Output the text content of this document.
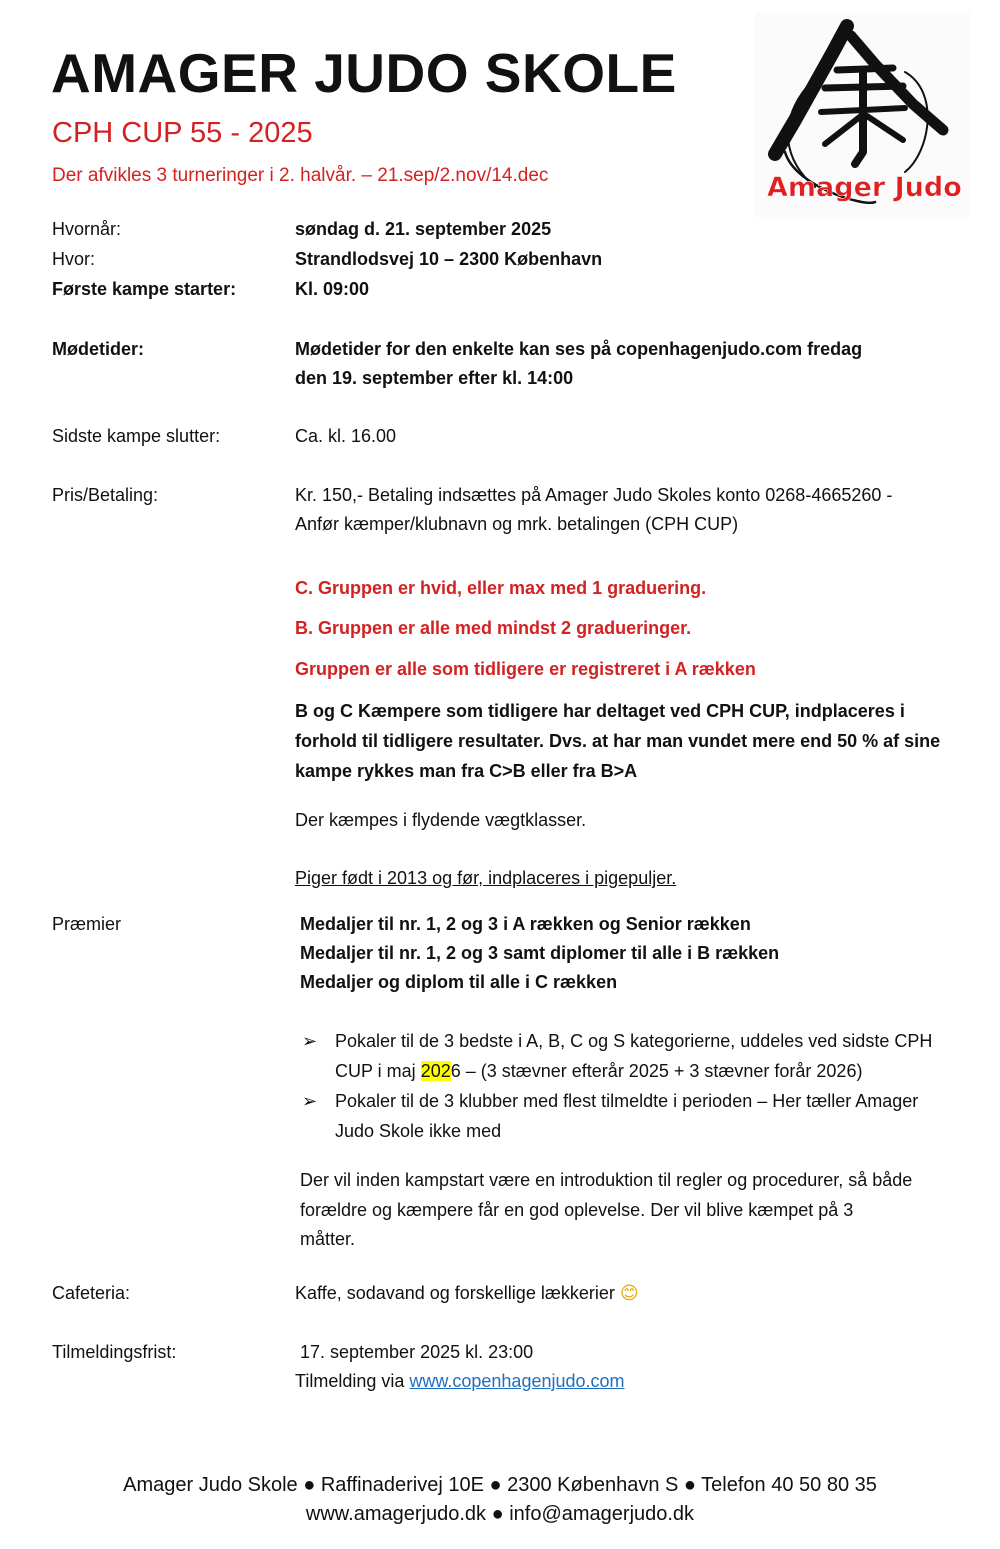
AMAGER JUDO SKOLE
CPH CUP 55 - 2025
Der afvikles 3 turneringer i 2. halvår. – 21.sep/2.nov/14.dec	Amager Judo
Hvornår:	søndag d. 21. september 2025
Hvor:	Strandlodsvej 10 – 2300 København
Første kampe starter:	Kl. 09:00
Mødetider:	Mødetider for den enkelte kan ses på copenhagenjudo.com fredag
den 19. september efter kl. 14:00
Sidste kampe slutter:	Ca. kl. 16.00
Pris/Betaling:	Kr. 150,- Betaling indsættes på Amager Judo Skoles konto 0268-4665260 -
Anfør kæmper/klubnavn og mrk. betalingen (CPH CUP)
C. Gruppen er hvid, eller max med 1 graduering.
B. Gruppen er alle med mindst 2 gradueringer.
Gruppen er alle som tidligere er registreret i A rækken
B og C Kæmpere som tidligere har deltaget ved CPH CUP, indplaceres i
forhold til tidligere resultater. Dvs. at har man vundet mere end 50 % af sine
kampe rykkes man fra C>B eller fra B>A
Der kæmpes i flydende vægtklasser.
Piger født i 2013 og før, indplaceres i pigepuljer.
Præmier	Medaljer til nr. 1, 2 og 3 i A rækken og Senior rækken
Medaljer til nr. 1, 2 og 3 samt diplomer til alle i B rækken
Medaljer og diplom til alle i C rækken
➢ Pokaler til de 3 bedste i A, B, C og S kategorierne, uddeles ved sidste CPH
CUP i maj 2026 – (3 stævner efterår 2025 + 3 stævner forår 2026)
➢ Pokaler til de 3 klubber med flest tilmeldte i perioden – Her tæller Amager
Judo Skole ikke med
Der vil inden kampstart være en introduktion til regler og procedurer, så både
forældre og kæmpere får en god oplevelse. Der vil blive kæmpet på 3
måtter.
Cafeteria:	Kaffe, sodavand og forskellige lækkerier 😊
Tilmeldingsfrist:	17. september 2025 kl. 23:00
Tilmelding via www.copenhagenjudo.com
Amager Judo Skole ● Raffinaderivej 10E ● 2300 København S ● Telefon 40 50 80 35
www.amagerjudo.dk ● info@amagerjudo.dk
